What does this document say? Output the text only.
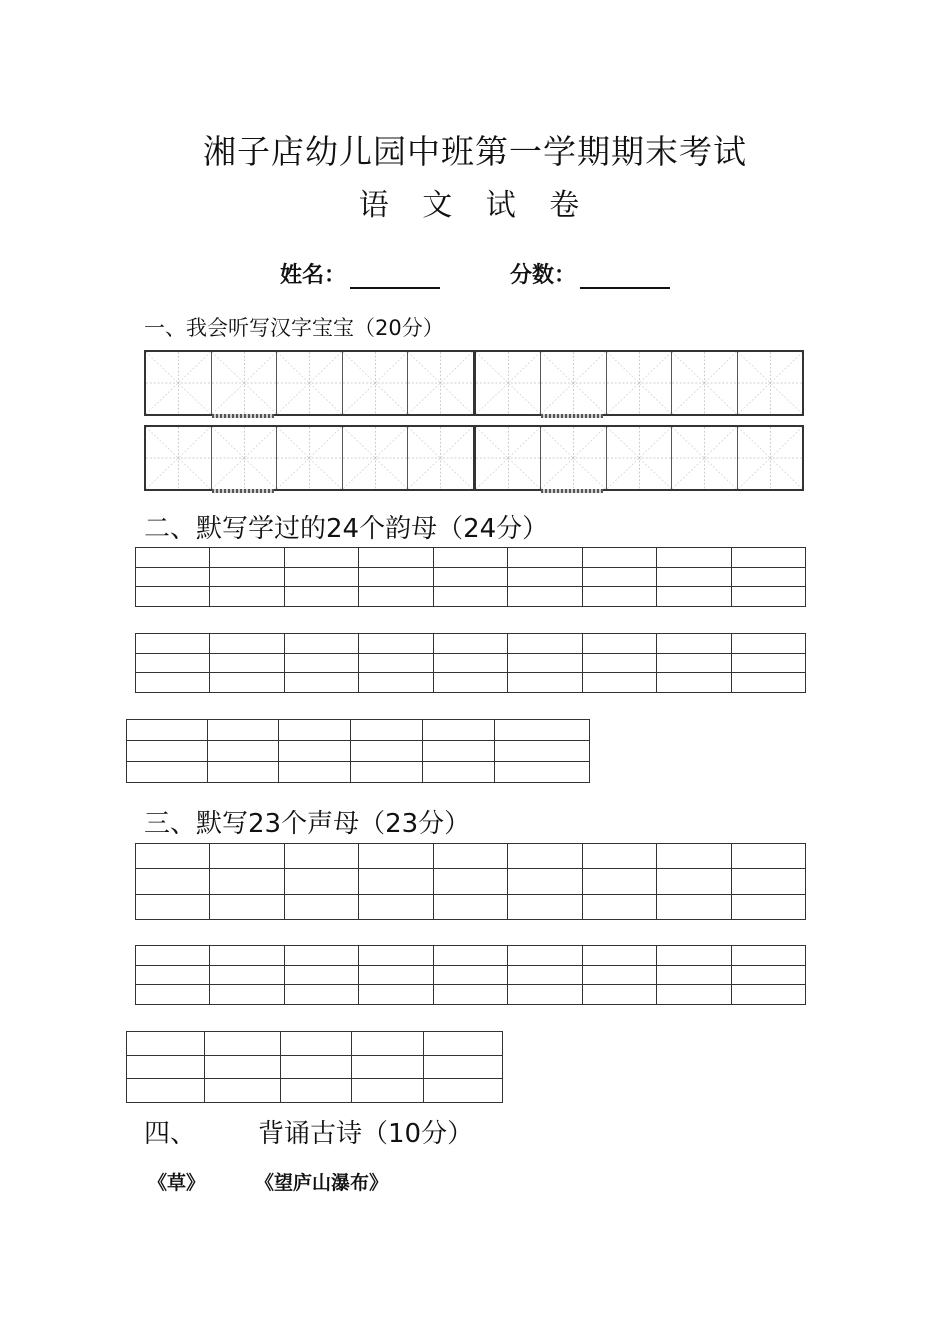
湘子店幼儿园中班第一学期期末考试
语 文 试 卷
姓名：	分数：
一、我会听写汉字宝宝（20分）
二、默写学过的24个韵母（24分）

三、默写23个声母（23分）

四、 背诵古诗（10分）
《草》	《望庐山瀑布》
